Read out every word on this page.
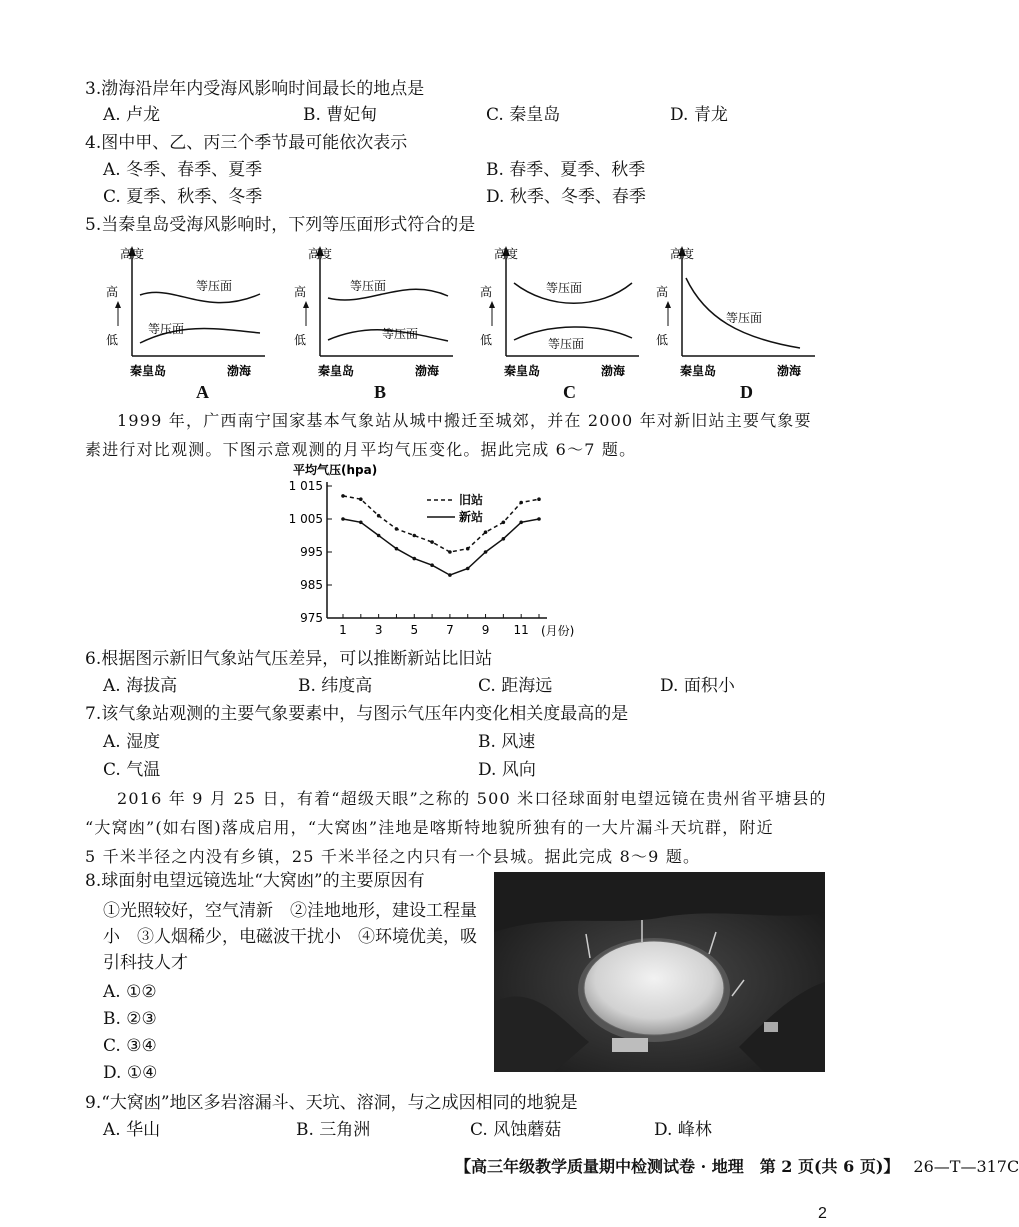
3.渤海沿岸年内受海风影响时间最长的地点是
A. 卢龙	B. 曹妃甸	C. 秦皇岛	D. 青龙
4.图中甲、乙、丙三个季节最可能依次表示
A. 冬季、春季、夏季	B. 春季、夏季、秋季
C. 夏季、秋季、冬季	D. 秋季、冬季、春季
5.当秦皇岛受海风影响时，下列等压面形式符合的是
高度
高
低
等压面
等压面
秦皇岛	渤海
A
高度
高
低
等压面
等压面
秦皇岛	渤海
B
高度
高
低
等压面
等压面
秦皇岛	渤海
C
高度
高
低
等压面
秦皇岛	渤海
D
1999 年，广西南宁国家基本气象站从城中搬迁至城郊，并在 2000 年对新旧站主要气象要
素进行对比观测。下图示意观测的月平均气压变化。据此完成 6～7 题。
平均气压(hpa)
1 015
1 005
995
985
975
1 3 5 7 9 11 (月份)
旧站
新站
6.根据图示新旧气象站气压差异，可以推断新站比旧站
A. 海拔高	B. 纬度高	C. 距海远	D. 面积小
7.该气象站观测的主要气象要素中，与图示气压年内变化相关度最高的是
A. 湿度	B. 风速
C. 气温	D. 风向
2016 年 9 月 25 日，有着“超级天眼”之称的 500 米口径球面射电望远镜在贵州省平塘县的
“大窝凼”(如右图)落成启用，“大窝凼”洼地是喀斯特地貌所独有的一大片漏斗天坑群，附近
5 千米半径之内没有乡镇，25 千米半径之内只有一个县城。据此完成 8～9 题。
8.球面射电望远镜选址“大窝凼”的主要原因有
①光照较好，空气清新　②洼地地形，建设工程量
小　③人烟稀少，电磁波干扰小　④环境优美，吸
引科技人才
A. ①②
B. ②③
C. ③④
D. ①④
9.“大窝凼”地区多岩溶漏斗、天坑、溶洞，与之成因相同的地貌是
A. 华山	B. 三角洲	C. 风蚀蘑菇	D. 峰林
【高三年级教学质量期中检测试卷 · 地理　第 2 页(共 6 页)】 26—T—317C
2
